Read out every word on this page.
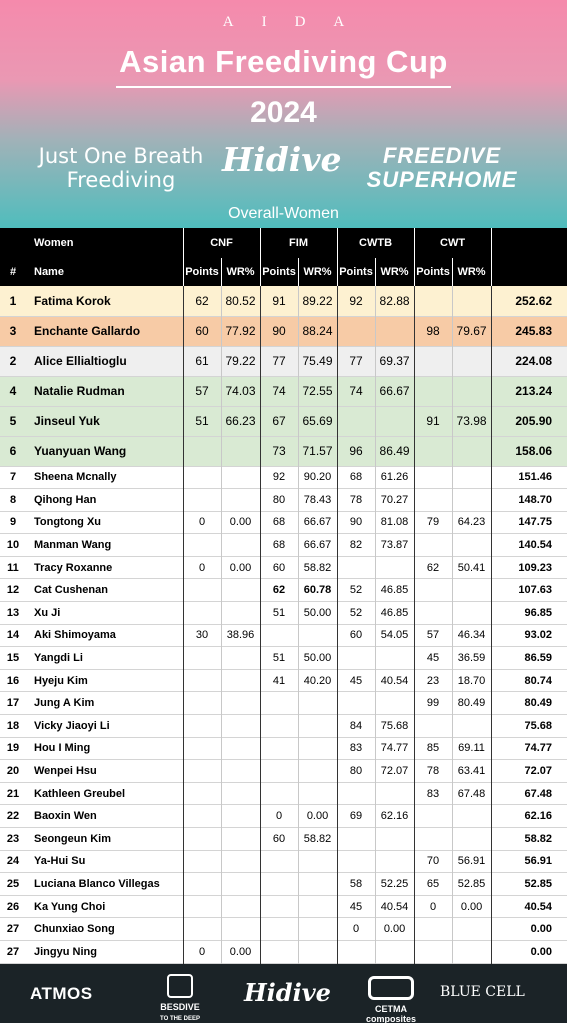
AIDA
Asian Freediving Cup
2024
Just One Breath Freediving
Hidive	FREEDIVE SUPERHOME
Overall-Women
	Women	CNF		FIM		CWTB		CWT		
#	Name	Points	WR%	Points	WR%	Points	WR%	Points	WR%	
1	Fatima Korok	62	80.52	91	89.22	92	82.88			252.62
3	Enchante Gallardo	60	77.92	90	88.24			98	79.67	245.83
2	Alice Ellialtioglu	61	79.22	77	75.49	77	69.37			224.08
4	Natalie Rudman	57	74.03	74	72.55	74	66.67			213.24
5	Jinseul Yuk	51	66.23	67	65.69			91	73.98	205.90
6	Yuanyuan Wang			73	71.57	96	86.49			158.06
7	Sheena Mcnally			92	90.20	68	61.26			151.46
8	Qihong Han			80	78.43	78	70.27			148.70
9	Tongtong Xu	0	0.00	68	66.67	90	81.08	79	64.23	147.75
10	Manman Wang			68	66.67	82	73.87			140.54
11	Tracy Roxanne	0	0.00	60	58.82			62	50.41	109.23
12	Cat Cushenan			62	60.78	52	46.85			107.63
13	Xu Ji			51	50.00	52	46.85			96.85
14	Aki Shimoyama	30	38.96			60	54.05	57	46.34	93.02
15	Yangdi Li			51	50.00			45	36.59	86.59
16	Hyeju Kim			41	40.20	45	40.54	23	18.70	80.74
17	Jung A Kim							99	80.49	80.49
18	Vicky Jiaoyi Li					84	75.68			75.68
19	Hou I Ming					83	74.77	85	69.11	74.77
20	Wenpei Hsu					80	72.07	78	63.41	72.07
21	Kathleen Greubel							83	67.48	67.48
22	Baoxin Wen			0	0.00	69	62.16			62.16
23	Seongeun Kim			60	58.82					58.82
24	Ya-Hui Su							70	56.91	56.91
25	Luciana Blanco Villegas					58	52.25	65	52.85	52.85
26	Ka Yung Choi					45	40.54	0	0.00	40.54
27	Chunxiao Song					0	0.00			0.00
27	Jingyu Ning	0	0.00							0.00
ATMOS

BESDIVE
TO THE DEEP
Hidive

CETMA composites
BLUE CELL
